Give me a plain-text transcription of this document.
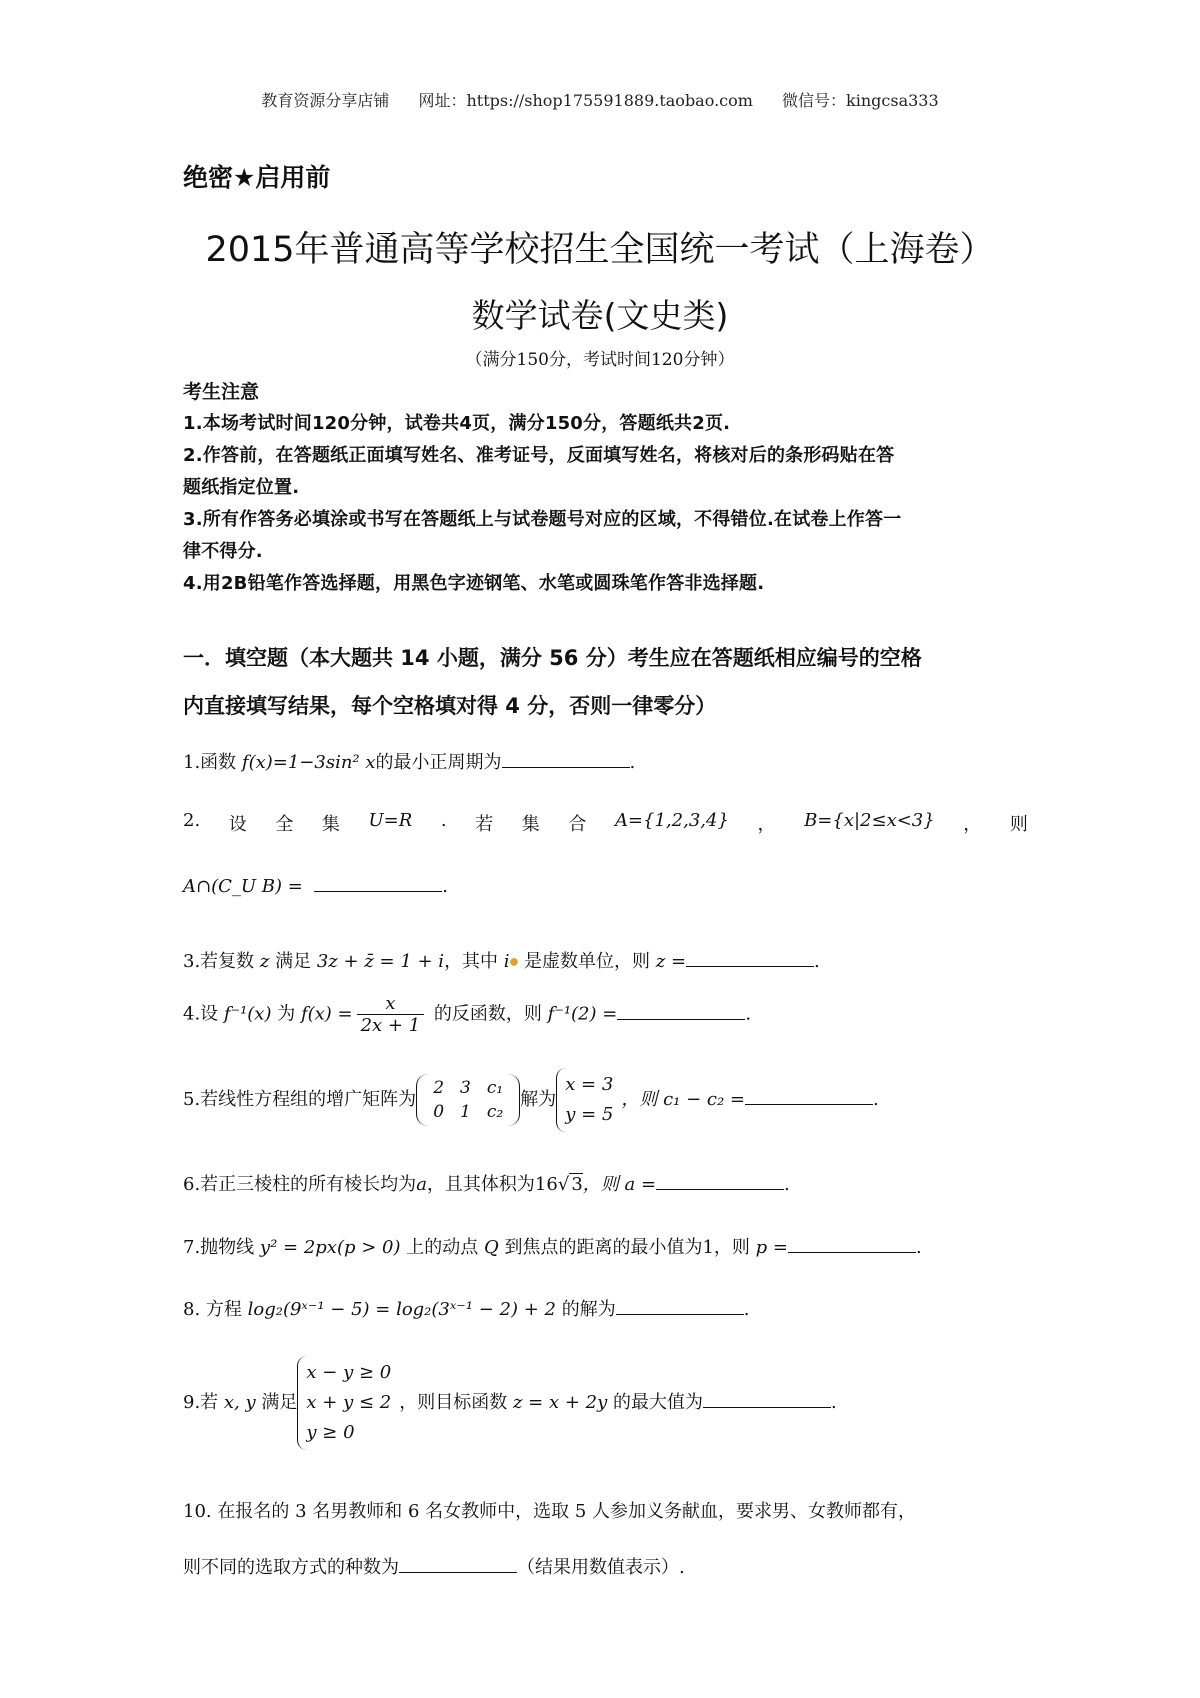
教育资源分享店铺 网址：https://shop175591889.taobao.com 微信号：kingcsa333
绝密★启用前
2015年普通高等学校招生全国统一考试（上海卷）
数学试卷(文史类)
（满分150分，考试时间120分钟）
考生注意
1.本场考试时间120分钟，试卷共4页，满分150分，答题纸共2页.
2.作答前，在答题纸正面填写姓名、准考证号，反面填写姓名，将核对后的条形码贴在答
题纸指定位置.
3.所有作答务必填涂或书写在答题纸上与试卷题号对应的区域，不得错位.在试卷上作答一
律不得分.
4.用2B铅笔作答选择题，用黑色字迹钢笔、水笔或圆珠笔作答非选择题.
一．填空题（本大题共 14 小题，满分 56 分）考生应在答题纸相应编号的空格
内直接填写结果，每个空格填对得 4 分，否则一律零分）
1.函数 f(x)=1−3sin² x的最小正周期为	.
2. 设 全 集 U=R . 若 集 合 A={1,2,3,4} ， B={x|2≤x<3} ， 则
A∩(C_U B) =	.
3.若复数 z 满足 3z + z̄ = 1 + i，其中 i● 是虚数单位，则 z =	.
4.设 f⁻¹(x) 为 $f(x) = \frac{x}{2x + 1}$ 的反函数，则 f⁻¹(2) =	.
5.若线性方程组的增广矩阵为
2	3	c₁
0	1	c₂
解为
x = 3
y = 5
，则 c₁ − c₂ =	.
6.若正三棱柱的所有棱长均为a，且其体积为16√ 3，则 a =	.
7.抛物线 y² = 2px(p > 0) 上的动点 Q 到焦点的距离的最小值为1，则 p =	.
8. 方程 log₂(9ˣ⁻¹ − 5) = log₂(3ˣ⁻¹ − 2) + 2 的解为	.
9.若 x, y 满足
x − y ≥ 0
x + y ≤ 2
y ≥ 0
，则目标函数 z = x + 2y 的最大值为	.
10. 在报名的 3 名男教师和 6 名女教师中，选取 5 人参加义务献血，要求男、女教师都有，
则不同的选取方式的种数为	（结果用数值表示）.
